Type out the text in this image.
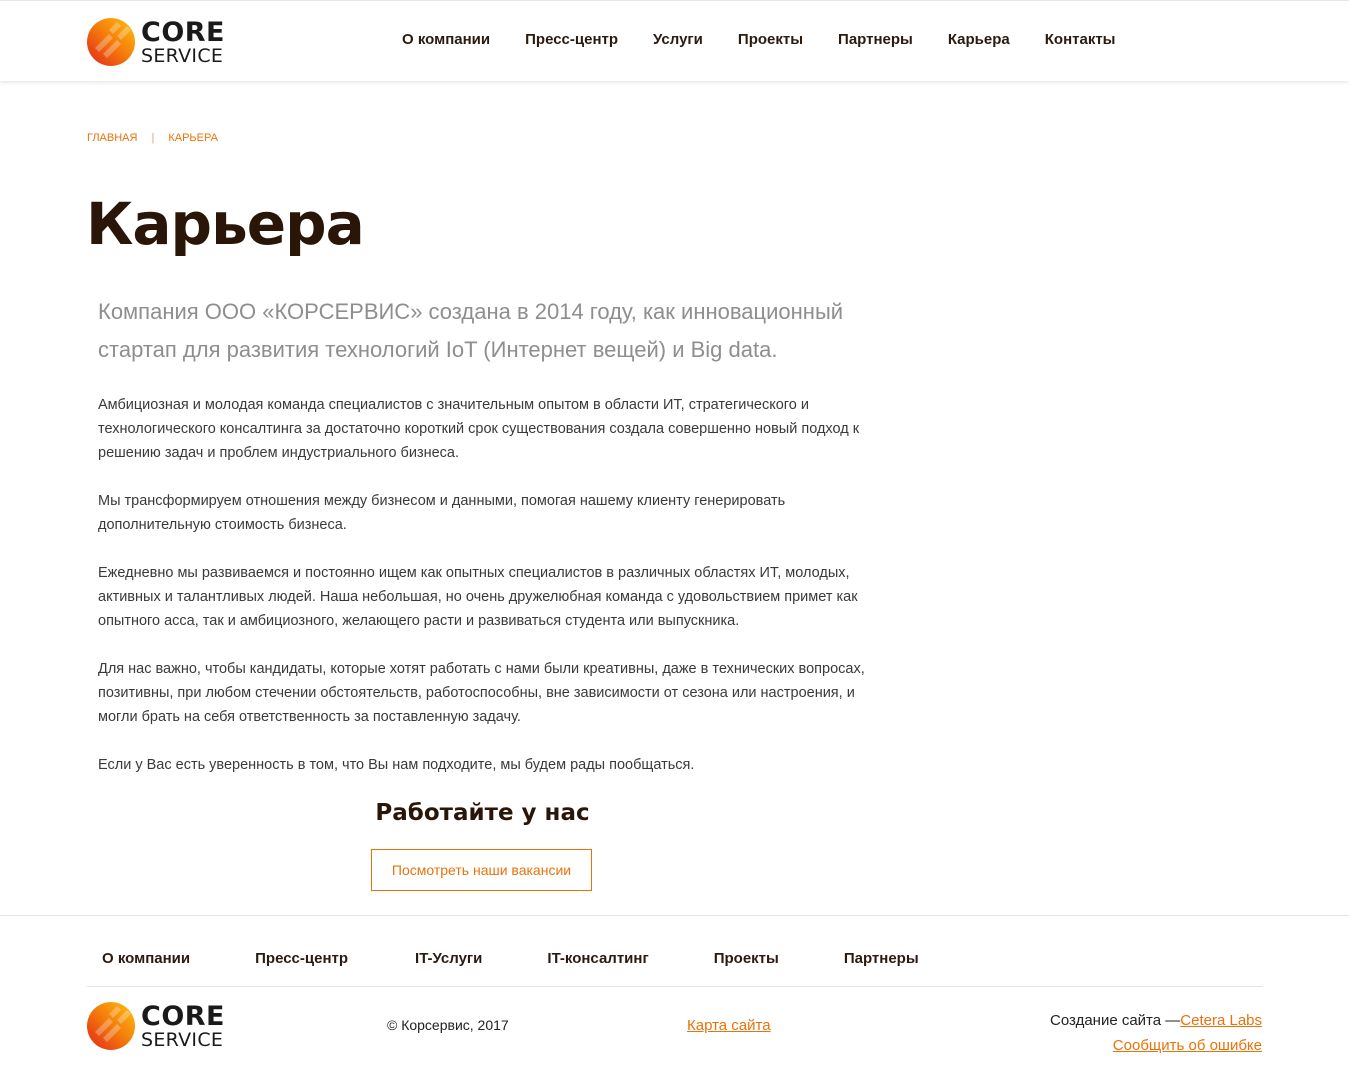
CORE
SERVICE
О компании Пресс-центр Услуги Проекты Партнеры Карьера Контакты
ГЛАВНАЯ | КАРЬЕРА
Карьера

Компания ООО «КОРСЕРВИС» создана в 2014 году, как инновационный стартап для развития технологий IoT (Интернет вещей) и Big data.

Амбициозная и молодая команда специалистов с значительным опытом в области ИТ, стратегического и технологического консалтинга за достаточно короткий срок существования создала совершенно новый подход к решению задач и проблем индустриального бизнеса.

Мы трансформируем отношения между бизнесом и данными, помогая нашему клиенту генерировать дополнительную стоимость бизнеса.

Ежедневно мы развиваемся и постоянно ищем как опытных специалистов в различных областях ИТ, молодых, активных и талантливых людей. Наша небольшая, но очень дружелюбная команда с удовольствием примет как опытного асса, так и амбициозного, желающего расти и развиваться студента или выпускника.

Для нас важно, чтобы кандидаты, которые хотят работать с нами были креативны, даже в технических вопросах, позитивны, при любом стечении обстоятельств, работоспособны, вне зависимости от сезона или настроения, и могли брать на себя ответственность за поставленную задачу.

Если у Вас есть уверенность в том, что Вы нам подходите, мы будем рады пообщаться.

Работайте у нас
Посмотреть наши вакансии
О компании	Пресс-центр	IT-Услуги	IT-консалтинг	Проекты	Партнеры
CORE
SERVICE
© Корсервис, 2017	Карта сайта	Создание сайта —Cetera Labs
Сообщить об ошибке
